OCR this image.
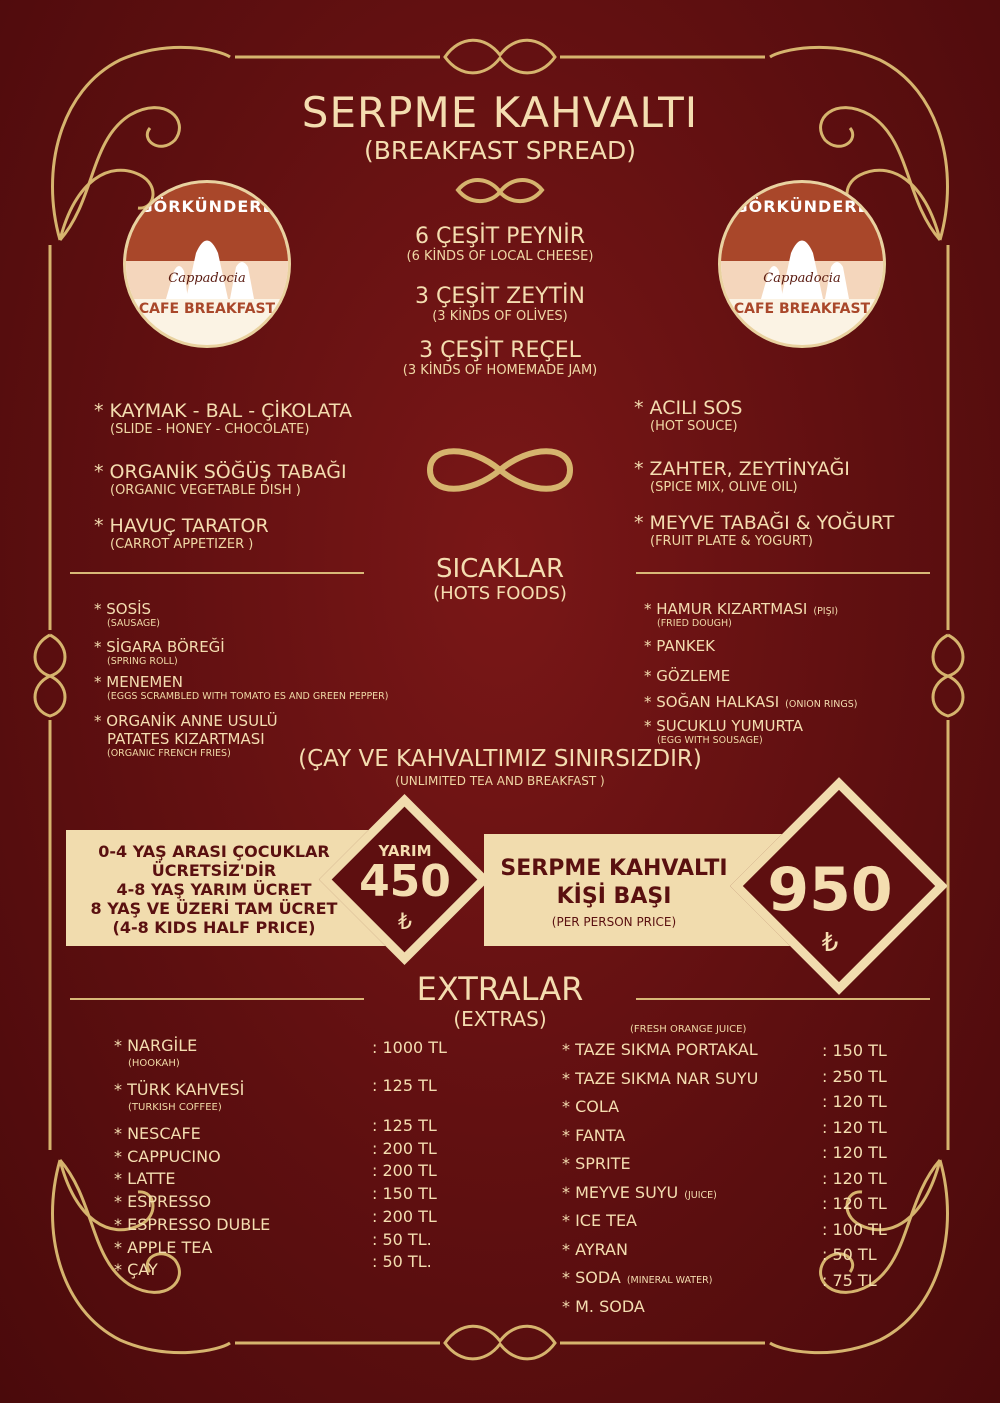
SERPME KAHVALTI
(BREAKFAST SPREAD)
GÖRKÜNDERE
Cappadocia
CAFE BREAKFAST
GÖRKÜNDERE
Cappadocia
CAFE BREAKFAST
6 ÇEŞİT PEYNİR
(6 KİNDS OF LOCAL CHEESE)
3 ÇEŞİT ZEYTİN
(3 KİNDS OF OLİVES)
3 ÇEŞİT REÇEL
(3 KİNDS OF HOMEMADE JAM)
* KAYMAK - BAL - ÇİKOLATA
(SLIDE - HONEY - CHOCOLATE)
* ORGANİK SÖĞÜŞ TABAĞI
(ORGANIC VEGETABLE DISH )
* HAVUÇ TARATOR
(CARROT APPETIZER )
* ACILI SOS
(HOT SOUCE)
* ZAHTER, ZEYTİNYAĞI
(SPICE MIX, OLIVE OIL)
* MEYVE TABAĞI & YOĞURT
(FRUIT PLATE & YOGURT)
SICAKLAR
(HOTS FOODS)
* SOSİS
(SAUSAGE)
* SİGARA BÖREĞİ
(SPRING ROLL)
* MENEMEN
(EGGS SCRAMBLED WITH TOMATO ES AND GREEN PEPPER)
* ORGANİK ANNE USULÜ
PATATES KIZARTMASI
(ORGANIC FRENCH FRIES)
* HAMUR KIZARTMASI (PIŞI)
(FRIED DOUGH)
* PANKEK
* GÖZLEME
* SOĞAN HALKASI (ONION RINGS)
* SUCUKLU YUMURTA
(EGG WITH SOUSAGE)
(ÇAY VE KAHVALTIMIZ SINIRSIZDIR)
(UNLIMITED TEA AND BREAKFAST )
0-4 YAŞ ARASI ÇOCUKLAR
ÜCRETSİZ'DİR
4-8 YAŞ YARIM ÜCRET
8 YAŞ VE ÜZERİ TAM ÜCRET
(4-8 KIDS HALF PRICE)
YARIM
450
₺
SERPME KAHVALTI
KİŞİ BAŞI
(PER PERSON PRICE)	950
₺
EXTRALAR
(EXTRAS)
* NARGİLE
(HOOKAH)
: 1000 TL
* TÜRK KAHVESİ
(TURKISH COFFEE)
: 125 TL
* NESCAFE
* CAPPUCINO
* LATTE
* ESPRESSO
* ESPRESSO DUBLE
* APPLE TEA
* ÇAY
: 125 TL
: 200 TL
: 200 TL
: 150 TL
: 200 TL
: 50 TL.
: 50 TL.
(FRESH ORANGE JUICE)
* TAZE SIKMA PORTAKAL
* TAZE SIKMA NAR SUYU
* COLA
* FANTA
* SPRITE
* MEYVE SUYU (JUICE)
* ICE TEA
* AYRAN
* SODA (MINERAL WATER)
* M. SODA
: 150 TL
: 250 TL
: 120 TL
: 120 TL
: 120 TL
: 120 TL
: 120 TL
: 100 TL
: 50 TL
: 75 TL
